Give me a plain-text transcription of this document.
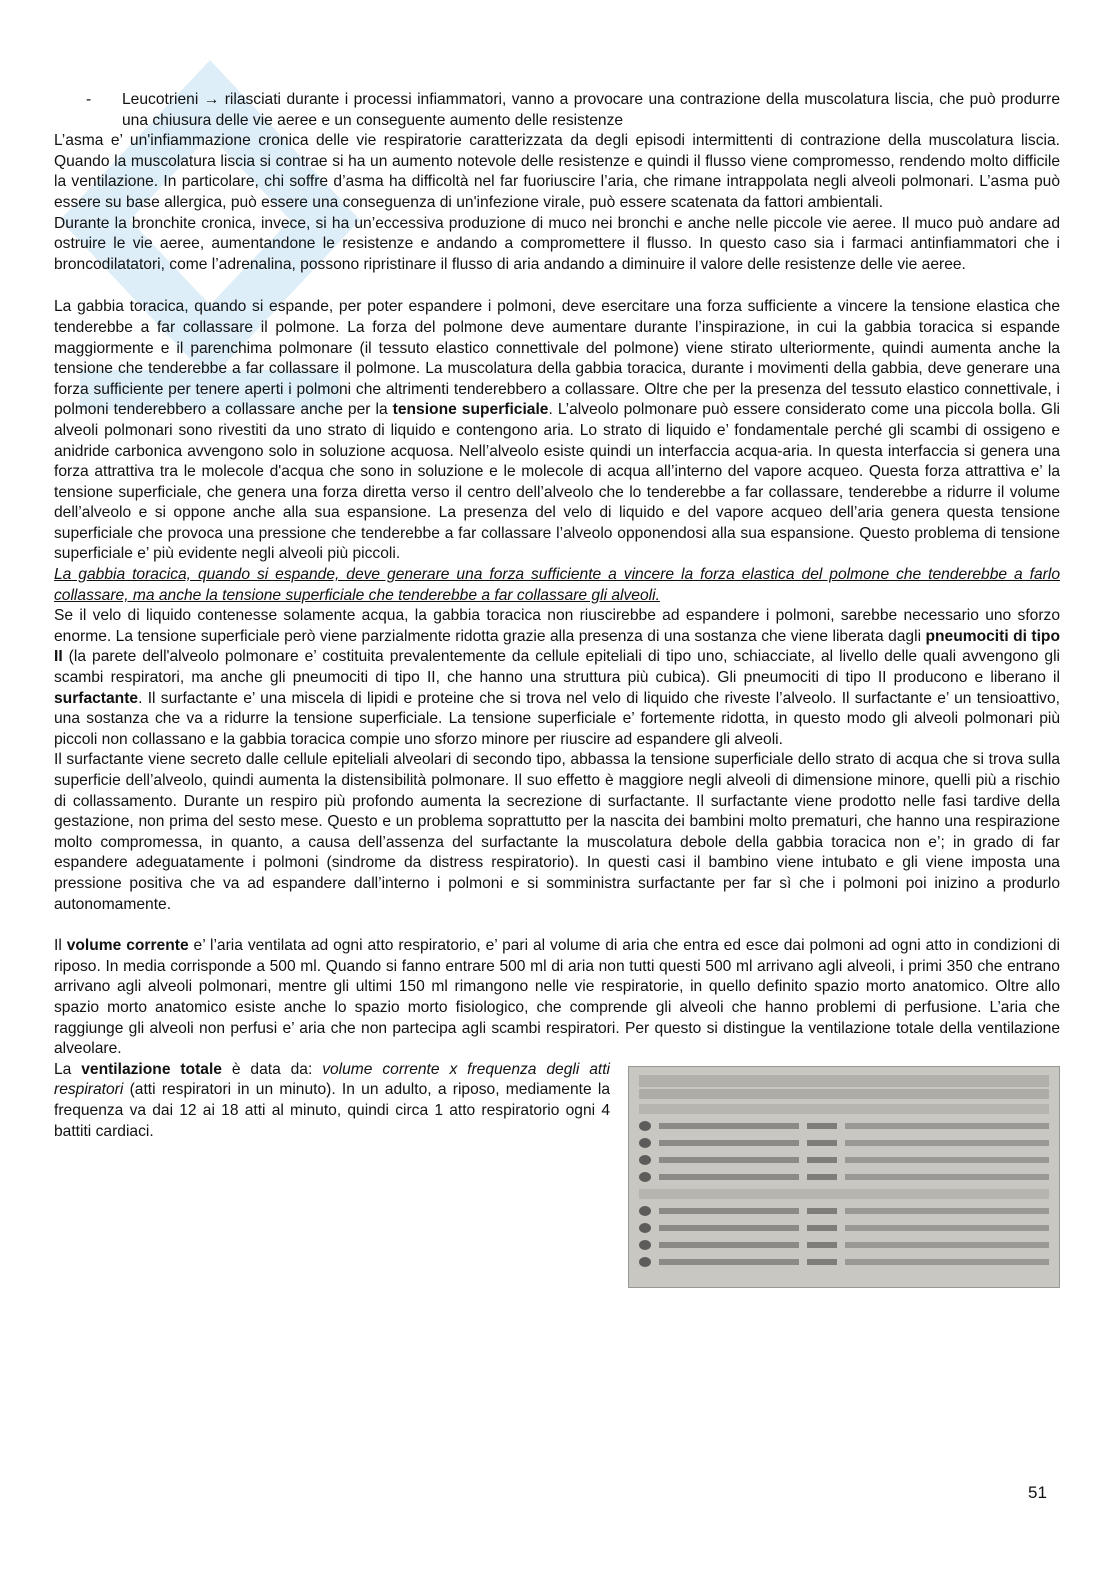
-	Leucotrieni → rilasciati durante i processi infiammatori, vanno a provocare una contrazione della muscolatura liscia, che può produrre una chiusura delle vie aeree e un conseguente aumento delle resistenze

L’asma e’ un'infiammazione cronica delle vie respiratorie caratterizzata da degli episodi intermittenti di contrazione della muscolatura liscia. Quando la muscolatura liscia si contrae si ha un aumento notevole delle resistenze e quindi il flusso viene compromesso, rendendo molto difficile la ventilazione. In particolare, chi soffre d’asma ha difficoltà nel far fuoriuscire l’aria, che rimane intrappolata negli alveoli polmonari. L’asma può essere su base allergica, può essere una conseguenza di un'infezione virale, può essere scatenata da fattori ambientali.

Durante la bronchite cronica, invece, si ha un’eccessiva produzione di muco nei bronchi e anche nelle piccole vie aeree. Il muco può andare ad ostruire le vie aeree, aumentandone le resistenze e andando a compromettere il flusso. In questo caso sia i farmaci antinfiammatori che i broncodilatatori, come l’adrenalina, possono ripristinare il flusso di aria andando a diminuire il valore delle resistenze delle vie aeree.

La gabbia toracica, quando si espande, per poter espandere i polmoni, deve esercitare una forza sufficiente a vincere la tensione elastica che tenderebbe a far collassare il polmone. La forza del polmone deve aumentare durante l’inspirazione, in cui la gabbia toracica si espande maggiormente e il parenchima polmonare (il tessuto elastico connettivale del polmone) viene stirato ulteriormente, quindi aumenta anche la tensione che tenderebbe a far collassare il polmone. La muscolatura della gabbia toracica, durante i movimenti della gabbia, deve generare una forza sufficiente per tenere aperti i polmoni che altrimenti tenderebbero a collassare. Oltre che per la presenza del tessuto elastico connettivale, i polmoni tenderebbero a collassare anche per la tensione superficiale. L’alveolo polmonare può essere considerato come una piccola bolla. Gli alveoli polmonari sono rivestiti da uno strato di liquido e contengono aria. Lo strato di liquido e’ fondamentale perché gli scambi di ossigeno e anidride carbonica avvengono solo in soluzione acquosa. Nell’alveolo esiste quindi un interfaccia acqua-aria. In questa interfaccia si genera una forza attrattiva tra le molecole d'acqua che sono in soluzione e le molecole di acqua all’interno del vapore acqueo. Questa forza attrattiva e’ la tensione superficiale, che genera una forza diretta verso il centro dell’alveolo che lo tenderebbe a far collassare, tenderebbe a ridurre il volume dell’alveolo e si oppone anche alla sua espansione. La presenza del velo di liquido e del vapore acqueo dell’aria genera questa tensione superficiale che provoca una pressione che tenderebbe a far collassare l’alveolo opponendosi alla sua espansione. Questo problema di tensione superficiale e’ più evidente negli alveoli più piccoli.

La gabbia toracica, quando si espande, deve generare una forza sufficiente a vincere la forza elastica del polmone che tenderebbe a farlo collassare, ma anche la tensione superficiale che tenderebbe a far collassare gli alveoli.

Se il velo di liquido contenesse solamente acqua, la gabbia toracica non riuscirebbe ad espandere i polmoni, sarebbe necessario uno sforzo enorme. La tensione superficiale però viene parzialmente ridotta grazie alla presenza di una sostanza che viene liberata dagli pneumociti di tipo II (la parete dell'alveolo polmonare e’ costituita prevalentemente da cellule epiteliali di tipo uno, schiacciate, al livello delle quali avvengono gli scambi respiratori, ma anche gli pneumociti di tipo II, che hanno una struttura più cubica). Gli pneumociti di tipo II producono e liberano il surfactante. Il surfactante e’ una miscela di lipidi e proteine che si trova nel velo di liquido che riveste l’alveolo. Il surfactante e’ un tensioattivo, una sostanza che va a ridurre la tensione superficiale. La tensione superficiale e’ fortemente ridotta, in questo modo gli alveoli polmonari più piccoli non collassano e la gabbia toracica compie uno sforzo minore per riuscire ad espandere gli alveoli.

Il surfactante viene secreto dalle cellule epiteliali alveolari di secondo tipo, abbassa la tensione superficiale dello strato di acqua che si trova sulla superficie dell’alveolo, quindi aumenta la distensibilità polmonare. Il suo effetto è maggiore negli alveoli di dimensione minore, quelli più a rischio di collassamento. Durante un respiro più profondo aumenta la secrezione di surfactante. Il surfactante viene prodotto nelle fasi tardive della gestazione, non prima del sesto mese. Questo e un problema soprattutto per la nascita dei bambini molto prematuri, che hanno una respirazione molto compromessa, in quanto, a causa dell’assenza del surfactante la muscolatura debole della gabbia toracica non e’; in grado di far espandere adeguatamente i polmoni (sindrome da distress respiratorio). In questi casi il bambino viene intubato e gli viene imposta una pressione positiva che va ad espandere dall’interno i polmoni e si somministra surfactante per far sì che i polmoni poi inizino a produrlo autonomamente.

Il volume corrente e’ l’aria ventilata ad ogni atto respiratorio, e’ pari al volume di aria che entra ed esce dai polmoni ad ogni atto in condizioni di riposo. In media corrisponde a 500 ml. Quando si fanno entrare 500 ml di aria non tutti questi 500 ml arrivano agli alveoli, i primi 350 che entrano arrivano agli alveoli polmonari, mentre gli ultimi 150 ml rimangono nelle vie respiratorie, in quello definito spazio morto anatomico. Oltre allo spazio morto anatomico esiste anche lo spazio morto fisiologico, che comprende gli alveoli che hanno problemi di perfusione. L’aria che raggiunge gli alveoli non perfusi e’ aria che non partecipa agli scambi respiratori. Per questo si distingue la ventilazione totale della ventilazione alveolare.

La ventilazione totale è data da: volume corrente x frequenza degli atti respiratori (atti respiratori in un minuto). In un adulto, a riposo, mediamente la frequenza va dai 12 ai 18 atti al minuto, quindi circa 1 atto respiratorio ogni 4 battiti cardiaci.

51
